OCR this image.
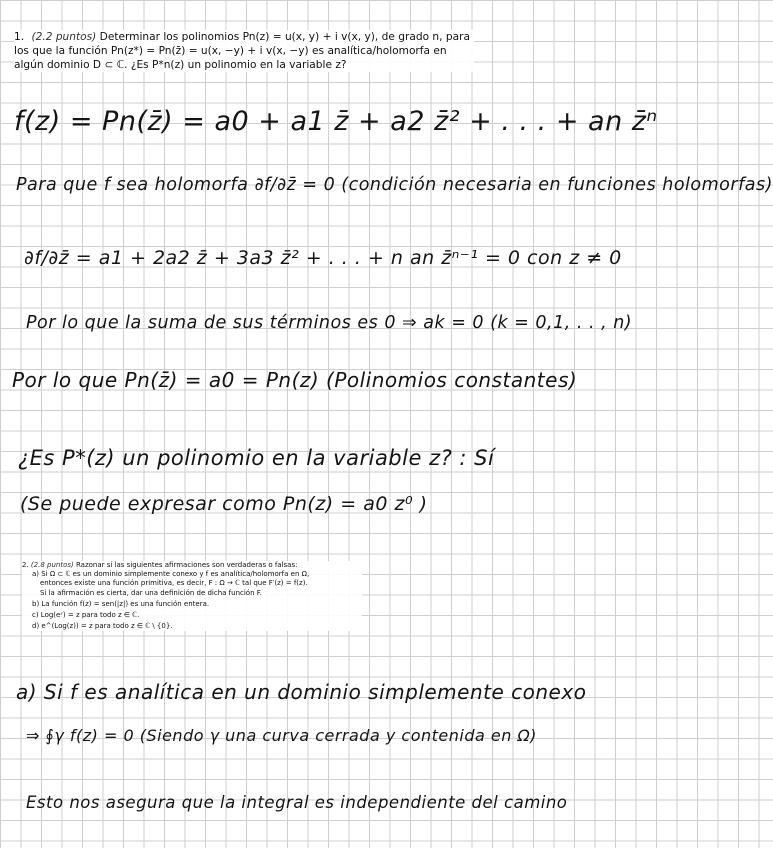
1. (2.2 puntos) Determinar los polinomios Pn(z) = u(x, y) + i v(x, y), de grado n, para
los que la función Pn(z*) = Pn(z̄) = u(x, −y) + i v(x, −y) es analítica/holomorfa en
algún dominio D ⊂ ℂ. ¿Es P*n(z) un polinomio en la variable z?
f(z) = Pn(z̄) = a0 + a1 z̄ + a2 z̄² + . . . + an z̄ⁿ
Para que f sea holomorfa ∂f/∂z̄ = 0 (condición necesaria en funciones holomorfas)
∂f/∂z̄ = a1 + 2a2 z̄ + 3a3 z̄² + . . . + n an z̄ⁿ⁻¹ = 0 con z ≠ 0
Por lo que la suma de sus términos es 0 ⇒ ak = 0 (k = 0,1, . . , n)
Por lo que Pn(z̄) = a0 = Pn(z) (Polinomios constantes)
¿Es P*(z) un polinomio en la variable z? : Sí
(Se puede expresar como Pn(z) = a0 z⁰ )
2. (2.8 puntos) Razonar si las siguientes afirmaciones son verdaderas o falsas:
a) Si Ω ⊂ ℂ es un dominio simplemente conexo y f es analítica/holomorfa en Ω,
entonces existe una función primitiva, es decir, F : Ω → ℂ tal que F′(z) = f(z).
Si la afirmación es cierta, dar una definición de dicha función F.
b) La función f(z) = sen(|z|) es una función entera.
c) Log(eᶻ) = z para todo z ∈ ℂ.
d) e^(Log(z)) = z para todo z ∈ ℂ \ {0}.
a) Si f es analítica en un dominio simplemente conexo
⇒ ∮γ f(z) = 0 (Siendo γ una curva cerrada y contenida en Ω)
Esto nos asegura que la integral es independiente del camino
